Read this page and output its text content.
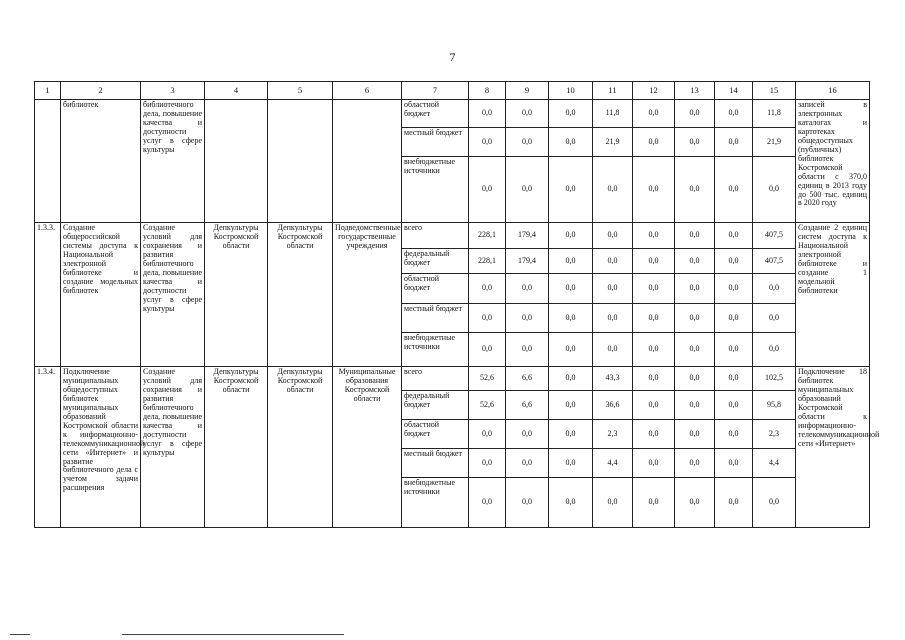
7
1	2	3	4	5	6	7	8	9	10	11	12	13	14	15	16
	библиотек	библиотечного дела, повышение качества и доступности услуг в сфере культуры				областной бюджет	0,0	0,0	0,0	11,8	0,0	0,0	0,0	11,8	записей в электронных каталогах и картотеках общедоступных (публичных) библиотек Костромской области с 370,0 единиц в 2013 году до 500 тыс. единиц в 2020 году
						местный бюджет	0,0	0,0	0,0	21,9	0,0	0,0	0,0	21,9	
						внебюджетные источники	0,0	0,0	0,0	0,0	0,0	0,0	0,0	0,0	
1.3.3.	Создание общероссийской системы доступа к Национальной электронной библиотеке и создание модельных библиотек	Создание условий для сохранения и развития библиотечного дела, повышение качества и доступности услуг в сфере культуры	Депкультуры Костромской области	Депкультуры Костромской области	Подведомственные государственные учреждения	всего	228,1	179,4	0,0	0,0	0,0	0,0	0,0	407,5	Создание 2 единиц систем доступа к Национальной электронной библиотеке и создание 1 модельной библиотеки
						федеральный бюджет	228,1	179,4	0,0	0,0	0,0	0,0	0,0	407,5	
						областной бюджет	0,0	0,0	0,0	0,0	0,0	0,0	0,0	0,0	
						местный бюджет	0,0	0,0	0,0	0,0	0,0	0,0	0,0	0,0	
						внебюджетные источники	0,0	0,0	0,0	0,0	0,0	0,0	0,0	0,0	
1.3.4.	Подключение муниципальных общедоступных библиотек муниципальных образований Костромской области к информационно-телекоммуникационной сети «Интернет» и развитие библиотечного дела с учетом задачи расширения	Создание условий для сохранения и развития библиотечного дела, повышение качества и доступности услуг в сфере культуры	Депкультуры Костромской области	Депкультуры Костромской области	Муниципальные образования Костромской области	всего	52,6	6,6	0,0	43,3	0,0	0,0	0,0	102,5	Подключение 18 библиотек муниципальных образований Костромской области к информационно-телекоммуникационной сети «Интернет»
						федеральный бюджет	52,6	6,6	0,0	36,6	0,0	0,0	0,0	95,8	
						областной бюджет	0,0	0,0	0,0	2,3	0,0	0,0	0,0	2,3	
						местный бюджет	0,0	0,0	0,0	4,4	0,0	0,0	0,0	4,4	
						внебюджетные источники	0,0	0,0	0,0	0,0	0,0	0,0	0,0	0,0	
